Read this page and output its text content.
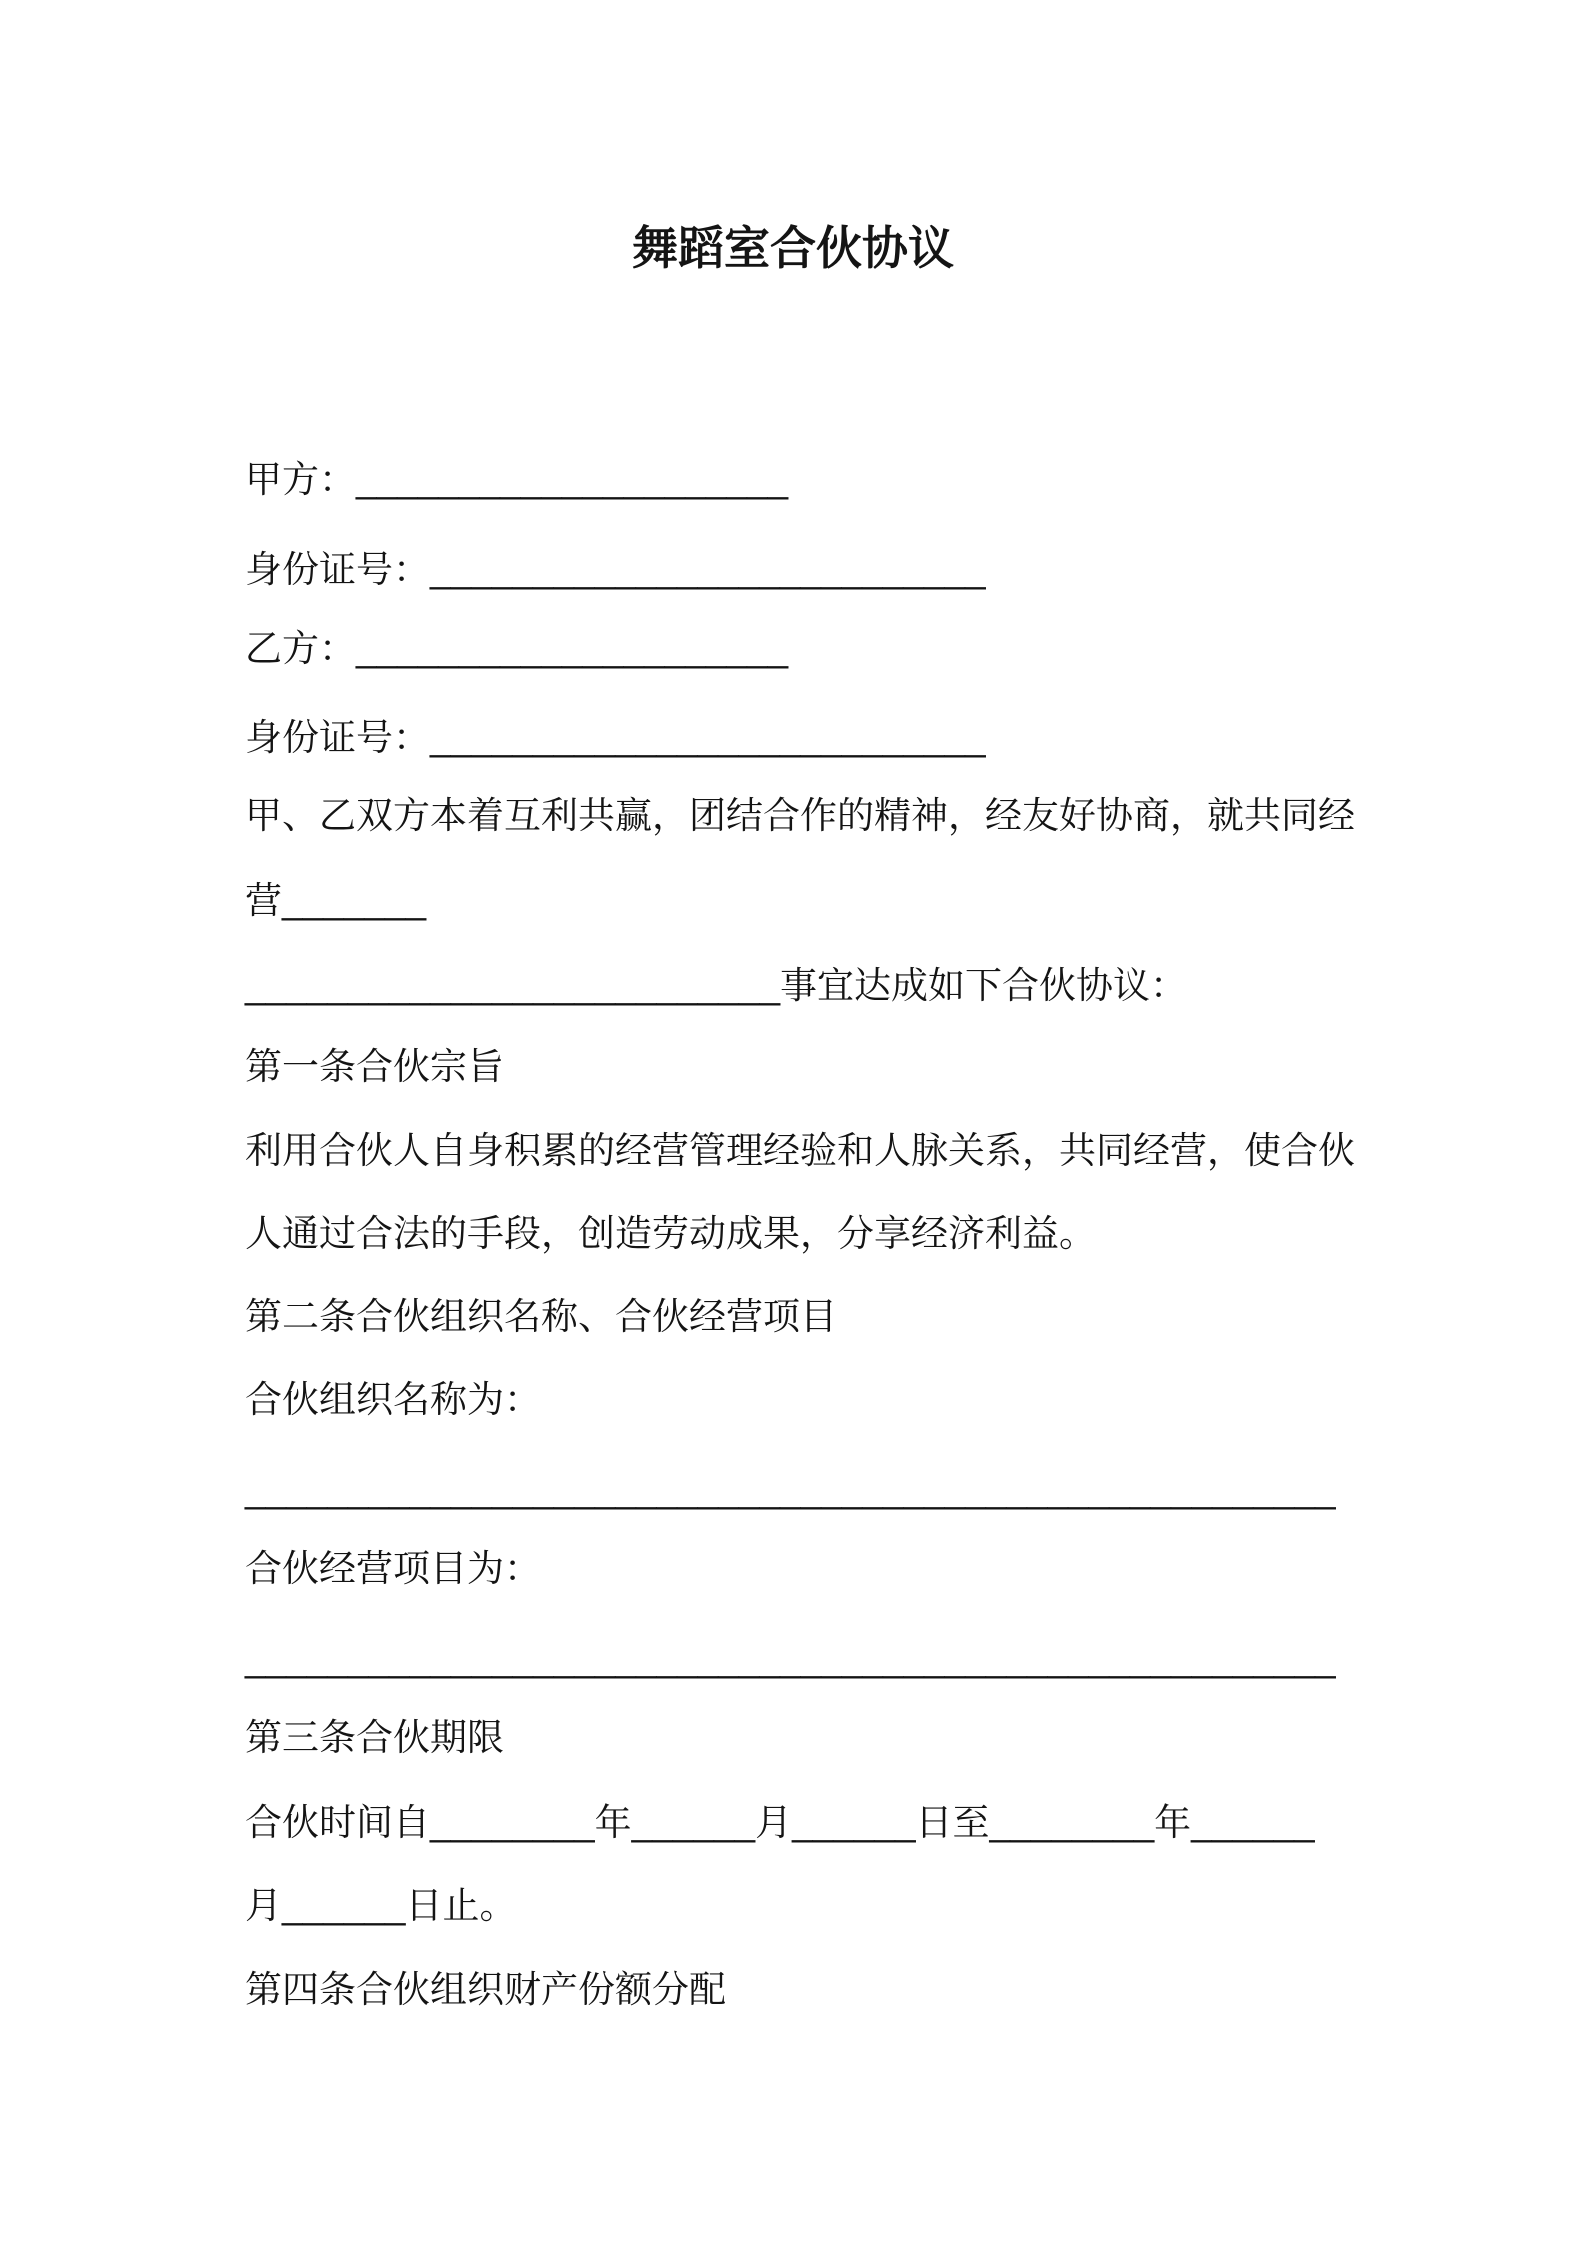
舞蹈室合伙协议
甲方：_____________________
身份证号：___________________________
乙方：_____________________
身份证号：___________________________
甲、乙双方本着互利共赢，团结合作的精神，经友好协商，就共同经
营_______
__________________________事宜达成如下合伙协议：
第一条合伙宗旨
利用合伙人自身积累的经营管理经验和人脉关系，共同经营，使合伙
人通过合法的手段，创造劳动成果，分享经济利益。
第二条合伙组织名称、合伙经营项目
合伙组织名称为：
_____________________________________________________
合伙经营项目为：
_____________________________________________________
第三条合伙期限
合伙时间自________年______月______日至________年______
月______日止。
第四条合伙组织财产份额分配
